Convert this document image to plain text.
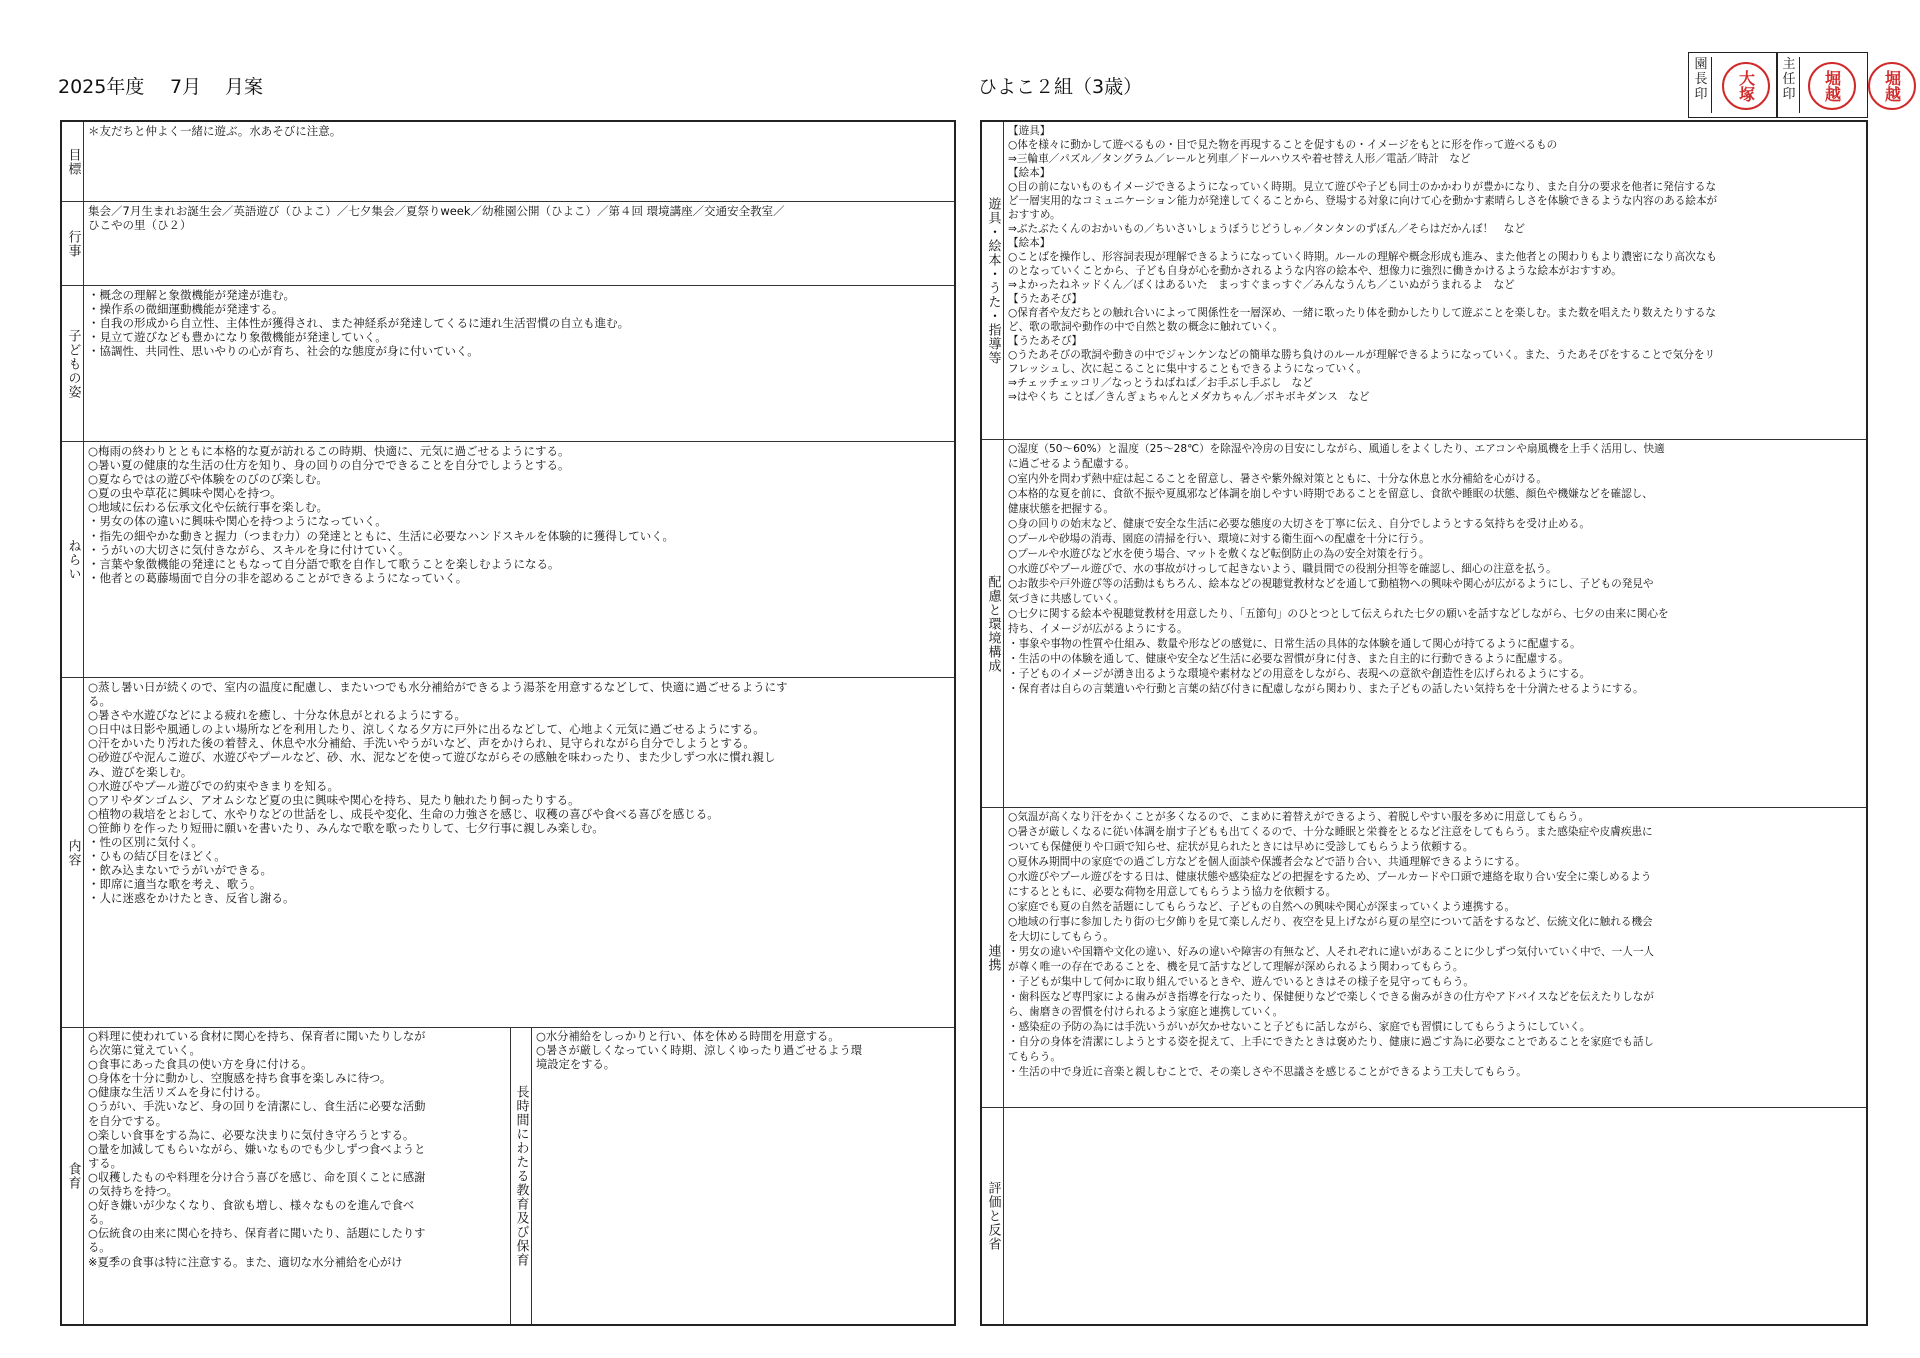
2025年度 7月 月案	ひよこ２組（3歳）
園長印 大塚
主任印 堀越	堀越
目標
＊友だちと仲よく一緒に遊ぶ。水あそびに注意。
行事
集会／7月生まれお誕生会／英語遊び（ひよこ）／七夕集会／夏祭りweek／幼稚園公開（ひよこ）／第４回 環境講座／交通安全教室／
ひこやの里（ひ２）
子どもの姿
・概念の理解と象徴機能が発達が進む。
・操作系の微細運動機能が発達する。
・自我の形成から自立性、主体性が獲得され、また神経系が発達してくるに連れ生活習慣の自立も進む。
・見立て遊びなども豊かになり象徴機能が発達していく。
・協調性、共同性、思いやりの心が育ち、社会的な態度が身に付いていく。
ねらい
○梅雨の終わりとともに本格的な夏が訪れるこの時期、快適に、元気に過ごせるようにする。
○暑い夏の健康的な生活の仕方を知り、身の回りの自分でできることを自分でしようとする。
○夏ならではの遊びや体験をのびのび楽しむ。
○夏の虫や草花に興味や関心を持つ。
○地域に伝わる伝承文化や伝統行事を楽しむ。
・男女の体の違いに興味や関心を持つようになっていく。
・指先の細やかな動きと握力（つまむ力）の発達とともに、生活に必要なハンドスキルを体験的に獲得していく。
・うがいの大切さに気付きながら、スキルを身に付けていく。
・言葉や象徴機能の発達にともなって自分語で歌を自作して歌うことを楽しむようになる。
・他者との葛藤場面で自分の非を認めることができるようになっていく。
内容
○蒸し暑い日が続くので、室内の温度に配慮し、またいつでも水分補給ができるよう湯茶を用意するなどして、快適に過ごせるようにす
る。
○暑さや水遊びなどによる疲れを癒し、十分な休息がとれるようにする。
○日中は日影や風通しのよい場所などを利用したり、涼しくなる夕方に戸外に出るなどして、心地よく元気に過ごせるようにする。
○汗をかいたり汚れた後の着替え、休息や水分補給、手洗いやうがいなど、声をかけられ、見守られながら自分でしようとする。
○砂遊びや泥んこ遊び、水遊びやプールなど、砂、水、泥などを使って遊びながらその感触を味わったり、また少しずつ水に慣れ親し
み、遊びを楽しむ。
○水遊びやプール遊びでの約束やきまりを知る。
○アリやダンゴムシ、アオムシなど夏の虫に興味や関心を持ち、見たり触れたり飼ったりする。
○植物の栽培をとおして、水やりなどの世話をし、成長や変化、生命の力強さを感じ、収穫の喜びや食べる喜びを感じる。
○笹飾りを作ったり短冊に願いを書いたり、みんなで歌を歌ったりして、七夕行事に親しみ楽しむ。
・性の区別に気付く。
・ひもの結び目をほどく。
・飲み込まないでうがいができる。
・即席に適当な歌を考え、歌う。
・人に迷惑をかけたとき、反省し謝る。
食育
○料理に使われている食材に関心を持ち、保育者に聞いたりしなが
ら次第に覚えていく。
○食事にあった食具の使い方を身に付ける。
○身体を十分に動かし、空腹感を持ち食事を楽しみに待つ。
○健康な生活リズムを身に付ける。
○うがい、手洗いなど、身の回りを清潔にし、食生活に必要な活動
を自分でする。
○楽しい食事をする為に、必要な決まりに気付き守ろうとする。
○量を加減してもらいながら、嫌いなものでも少しずつ食べようと
する。
○収穫したものや料理を分け合う喜びを感じ、命を頂くことに感謝
の気持ちを持つ。
○好き嫌いが少なくなり、食欲も増し、様々なものを進んで食べ
る。
○伝統食の由来に関心を持ち、保育者に聞いたり、話題にしたりす
る。
※夏季の食事は特に注意する。また、適切な水分補給を心がけ	長時間にわたる教育及び保育
○水分補給をしっかりと行い、体を休める時間を用意する。
○暑さが厳しくなっていく時期、涼しくゆったり過ごせるよう環
境設定をする。
遊具・絵本・うた・指導等
【遊具】
○体を様々に動かして遊べるもの・目で見た物を再現することを促すもの・イメージをもとに形を作って遊べるもの
⇒三輪車／パズル／タングラム／レールと列車／ドールハウスや着せ替え人形／電話／時計　など
【絵本】
○目の前にないものもイメージできるようになっていく時期。見立て遊びや子ども同士のかかわりが豊かになり、また自分の要求を他者に発信するな
ど一層実用的なコミュニケーション能力が発達してくることから、登場する対象に向けて心を動かす素晴らしさを体験できるような内容のある絵本が
おすすめ。
⇒ぶたぶたくんのおかいもの／ちいさいしょうぼうじどうしゃ／タンタンのずぼん／そらはだかんぼ！　など
【絵本】
○ことばを操作し、形容詞表現が理解できるようになっていく時期。ルールの理解や概念形成も進み、また他者との関わりもより濃密になり高次なも
のとなっていくことから、子ども自身が心を動かされるような内容の絵本や、想像力に強烈に働きかけるような絵本がおすすめ。
⇒よかったねネッドくん／ぼくはあるいた　まっすぐまっすぐ／みんなうんち／こいぬがうまれるよ　など
【うたあそび】
○保育者や友だちとの触れ合いによって関係性を一層深め、一緒に歌ったり体を動かしたりして遊ぶことを楽しむ。また数を唱えたり数えたりするな
ど、歌の歌詞や動作の中で自然と数の概念に触れていく。
【うたあそび】
○うたあそびの歌詞や動きの中でジャンケンなどの簡単な勝ち負けのルールが理解できるようになっていく。また、うたあそびをすることで気分をリ
フレッシュし、次に起こることに集中することもできるようになっていく。
⇒チェッチェッコリ／なっとうねばねば／お手ぶし手ぶし　など
⇒はやくち ことば／きんぎょちゃんとメダカちゃん／ボキボキダンス　など
配慮と環境構成
○湿度（50～60%）と温度（25～28℃）を除湿や冷房の目安にしながら、風通しをよくしたり、エアコンや扇風機を上手く活用し、快適
に過ごせるよう配慮する。
○室内外を問わず熱中症は起こることを留意し、暑さや紫外線対策とともに、十分な休息と水分補給を心がける。
○本格的な夏を前に、食欲不振や夏風邪など体調を崩しやすい時期であることを留意し、食欲や睡眠の状態、顔色や機嫌などを確認し、
健康状態を把握する。
○身の回りの始末など、健康で安全な生活に必要な態度の大切さを丁寧に伝え、自分でしようとする気持ちを受け止める。
○プールや砂場の消毒、園庭の清掃を行い、環境に対する衛生面への配慮を十分に行う。
○プールや水遊びなど水を使う場合、マットを敷くなど転倒防止の為の安全対策を行う。
○水遊びやプール遊びで、水の事故がけっして起きないよう、職員間での役割分担等を確認し、細心の注意を払う。
○お散歩や戸外遊び等の活動はもちろん、絵本などの視聴覚教材などを通して動植物への興味や関心が広がるようにし、子どもの発見や
気づきに共感していく。
○七夕に関する絵本や視聴覚教材を用意したり、「五節句」のひとつとして伝えられた七夕の願いを話すなどしながら、七夕の由来に関心を
持ち、イメージが広がるようにする。
・事象や事物の性質や仕組み、数量や形などの感覚に、日常生活の具体的な体験を通して関心が持てるように配慮する。
・生活の中の体験を通して、健康や安全など生活に必要な習慣が身に付き、また自主的に行動できるように配慮する。
・子どものイメージが湧き出るような環境や素材などの用意をしながら、表現への意欲や創造性を広げられるようにする。
・保育者は自らの言葉遣いや行動と言葉の結び付きに配慮しながら関わり、また子どもの話したい気持ちを十分満たせるようにする。
連携
○気温が高くなり汗をかくことが多くなるので、こまめに着替えができるよう、着脱しやすい服を多めに用意してもらう。
○暑さが厳しくなるに従い体調を崩す子どもも出てくるので、十分な睡眠と栄養をとるなど注意をしてもらう。また感染症や皮膚疾患に
ついても保健便りや口頭で知らせ、症状が見られたときには早めに受診してもらうよう依頼する。
○夏休み期間中の家庭での過ごし方などを個人面談や保護者会などで語り合い、共通理解できるようにする。
○水遊びやプール遊びをする日は、健康状態や感染症などの把握をするため、プールカードや口頭で連絡を取り合い安全に楽しめるよう
にするとともに、必要な荷物を用意してもらうよう協力を依頼する。
○家庭でも夏の自然を話題にしてもらうなど、子どもの自然への興味や関心が深まっていくよう連携する。
○地域の行事に参加したり街の七夕飾りを見て楽しんだり、夜空を見上げながら夏の星空について話をするなど、伝統文化に触れる機会
を大切にしてもらう。
・男女の違いや国籍や文化の違い、好みの違いや障害の有無など、人それぞれに違いがあることに少しずつ気付いていく中で、一人一人
が尊く唯一の存在であることを、機を見て話すなどして理解が深められるよう関わってもらう。
・子どもが集中して何かに取り組んでいるときや、遊んでいるときはその様子を見守ってもらう。
・歯科医など専門家による歯みがき指導を行なったり、保健便りなどで楽しくできる歯みがきの仕方やアドバイスなどを伝えたりしなが
ら、歯磨きの習慣を付けられるよう家庭と連携していく。
・感染症の予防の為には手洗いうがいが欠かせないこと子どもに話しながら、家庭でも習慣にしてもらうようにしていく。
・自分の身体を清潔にしようとする姿を捉えて、上手にできたときは褒めたり、健康に過ごす為に必要なことであることを家庭でも話し
てもらう。
・生活の中で身近に音楽と親しむことで、その楽しさや不思議さを感じることができるよう工夫してもらう。
評価と反省
